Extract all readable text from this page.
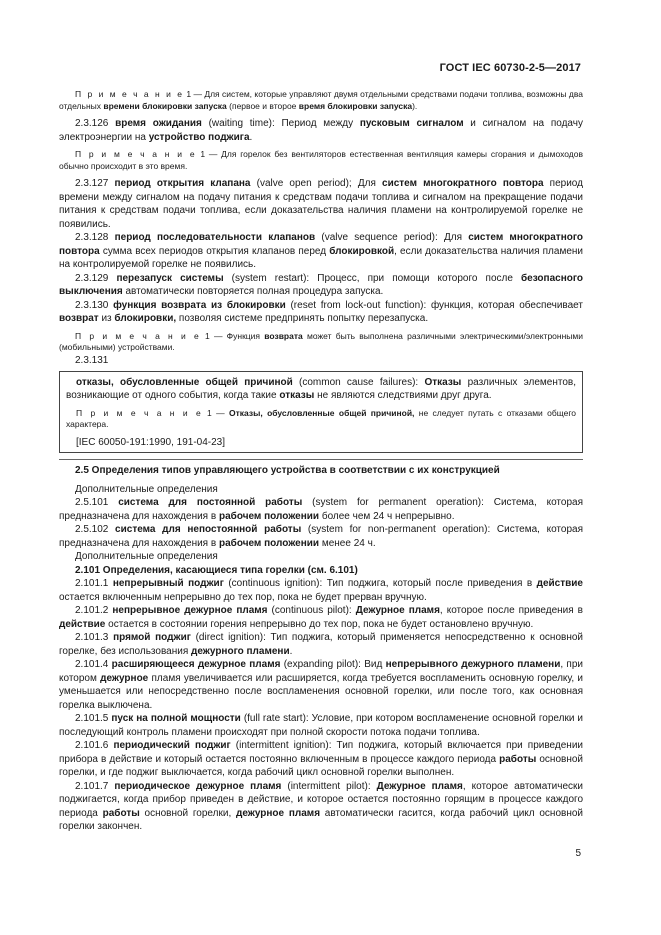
ГОСТ IEC 60730-2-5—2017

П р и м е ч а н и е 1 — Для систем, которые управляют двумя отдельными средствами подачи топлива, возможны два отдельных времени блокировки запуска (первое и второе время блокировки запуска).

2.3.126 время ожидания (waiting time): Период между пусковым сигналом и сигналом на подачу электроэнергии на устройство поджига.

П р и м е ч а н и е 1 — Для горелок без вентиляторов естественная вентиляция камеры сгорания и дымоходов обычно происходит в это время.

2.3.127 период открытия клапана (valve open period); Для систем многократного повтора период времени между сигналом на подачу питания к средствам подачи топлива и сигналом на прекращение подачи питания к средствам подачи топлива, если доказательства наличия пламени на контролируемой горелке не появились.

2.3.128 период последовательности клапанов (valve sequence period): Для систем многократного повтора сумма всех периодов открытия клапанов перед блокировкой, если доказательства наличия пламени на контролируемой горелке не появились.

2.3.129 перезапуск системы (system restart): Процесс, при помощи которого после безопасного выключения автоматически повторяется полная процедура запуска.

2.3.130 функция возврата из блокировки (reset from lock-out function): функция, которая обеспечивает возврат из блокировки, позволяя системе предпринять попытку перезапуска.

П р и м е ч а н и е 1 — Функция возврата может быть выполнена различными электрическими/электронными (мобильными) устройствами.

2.3.131

отказы, обусловленные общей причиной (common cause failures): Отказы различных элементов, возникающие от одного события, когда такие отказы не являются следствиями друг друга.

П р и м е ч а н и е 1 — Отказы, обусловленные общей причиной, не следует путать с отказами общего характера.

[IEC 60050-191:1990, 191-04-23]

2.5 Определения типов управляющего устройства в соответствии с их конструкцией

Дополнительные определения

2.5.101 система для постоянной работы (system for permanent operation): Система, которая предназначена для нахождения в рабочем положении более чем 24 ч непрерывно.

2.5.102 система для непостоянной работы (system for non-permanent operation): Система, которая предназначена для нахождения в рабочем положении менее 24 ч.

Дополнительные определения

2.101 Определения, касающиеся типа горелки (см. 6.101)

2.101.1 непрерывный поджиг (continuous ignition): Тип поджига, который после приведения в действие остается включенным непрерывно до тех пор, пока не будет прерван вручную.

2.101.2 непрерывное дежурное пламя (continuous pilot): Дежурное пламя, которое после приведения в действие остается в состоянии горения непрерывно до тех пор, пока не будет остановлено вручную.

2.101.3 прямой поджиг (direct ignition): Тип поджига, который применяется непосредственно к основной горелке, без использования дежурного пламени.

2.101.4 расширяющееся дежурное пламя (expanding pilot): Вид непрерывного дежурного пламени, при котором дежурное пламя увеличивается или расширяется, когда требуется воспламенить основную горелку, и уменьшается или непосредственно после воспламенения основной горелки, или после того, как основная горелка выключена.

2.101.5 пуск на полной мощности (full rate start): Условие, при котором воспламенение основной горелки и последующий контроль пламени происходят при полной скорости потока подачи топлива.

2.101.6 периодический поджиг (intermittent ignition): Тип поджига, который включается при приведении прибора в действие и который остается постоянно включенным в процессе каждого периода работы основной горелки, и где поджиг выключается, когда рабочий цикл основной горелки выполнен.

2.101.7 периодическое дежурное пламя (intermittent pilot): Дежурное пламя, которое автоматически поджигается, когда прибор приведен в действие, и которое остается постоянно горящим в процессе каждого периода работы основной горелки, дежурное пламя автоматически гасится, когда рабочий цикл основной горелки закончен.

5
